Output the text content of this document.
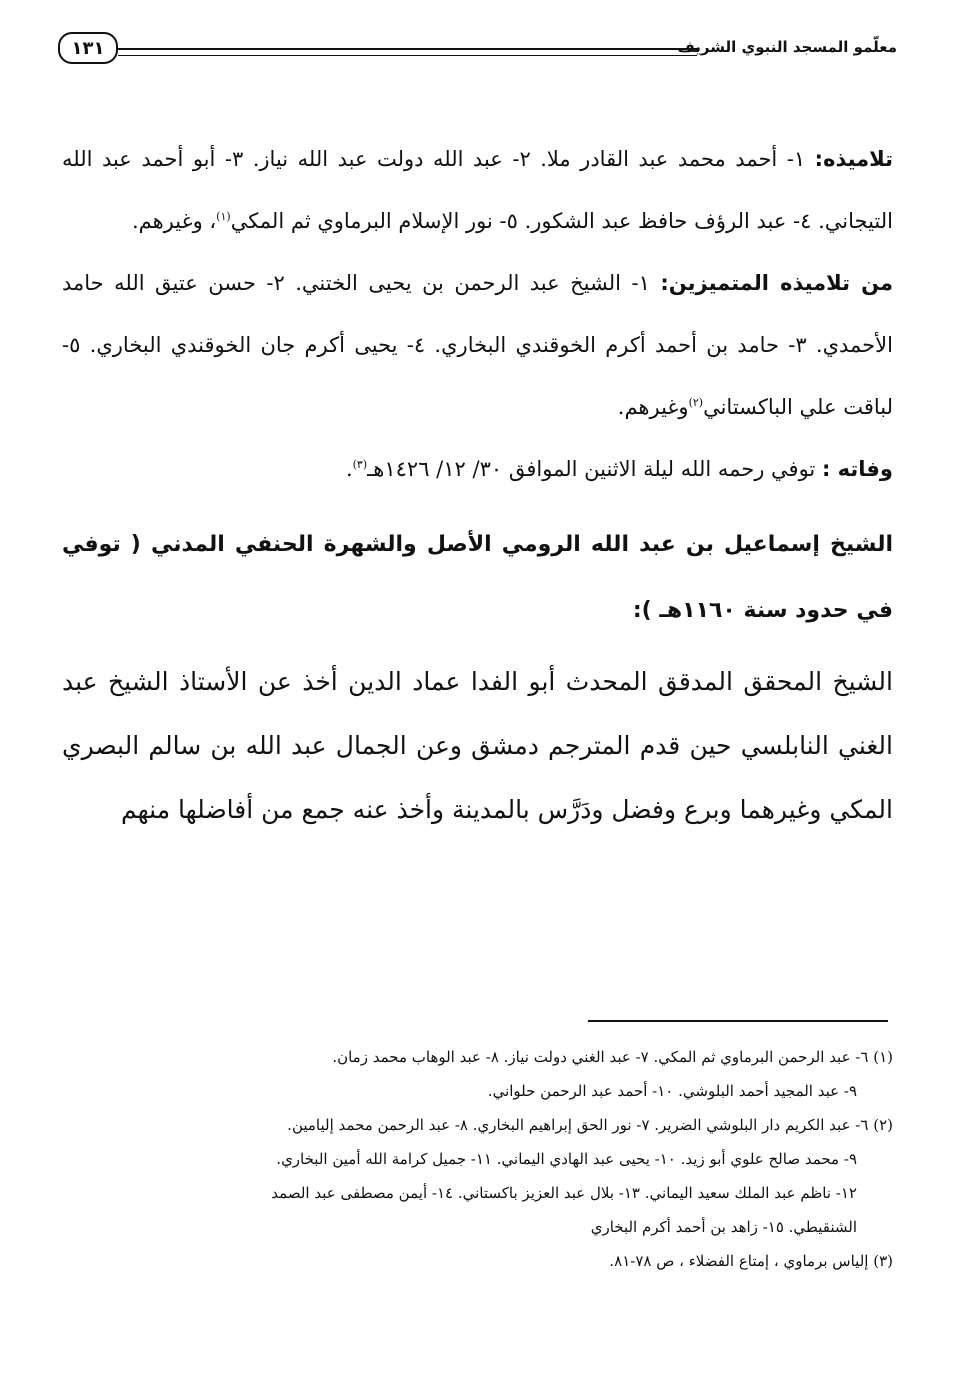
معلّمو المسجد النبوي الشريف
١٣١

تلاميذه: ١- أحمد محمد عبد القادر ملا. ٢- عبد الله دولت عبد الله نياز. ٣- أبو أحمد عبد الله التيجاني. ٤- عبد الرؤف حافظ عبد الشكور. ٥- نور الإسلام البرماوي ثم المكي$^{(١)}$، وغيرهم.

من تلاميذه المتميزين: ١- الشيخ عبد الرحمن بن يحيى الختني. ٢- حسن عتيق الله حامد الأحمدي. ٣- حامد بن أحمد أكرم الخوقندي البخاري. ٤- يحيى أكرم جان الخوقندي البخاري. ٥- لباقت علي الباكستاني$^{(٢)}$وغيرهم.

وفاته : توفي رحمه الله ليلة الاثنين الموافق ٣٠/ ١٢/ ١٤٢٦هـ$^{(٣)}$.

الشيخ إسماعيل بن عبد الله الرومي الأصل والشهرة الحنفي المدني ( توفي في حدود سنة ١١٦٠هـ ):

الشيخ المحقق المدقق المحدث أبو الفدا عماد الدين أخذ عن الأستاذ الشيخ عبد الغني النابلسي حين قدم المترجم دمشق وعن الجمال عبد الله بن سالم البصري المكي وغيرهما وبرع وفضل ودَرَّس بالمدينة وأخذ عنه جمع من أفاضلها منهم

(١) ٦- عبد الرحمن البرماوي ثم المكي. ٧- عبد الغني دولت نياز. ٨- عبد الوهاب محمد زمان.
٩- عبد المجيد أحمد البلوشي. ١٠- أحمد عبد الرحمن حلواني.
(٢) ٦- عبد الكريم دار البلوشي الضرير. ٧- نور الحق إبراهيم البخاري. ٨- عبد الرحمن محمد إليامين.
٩- محمد صالح علوي أبو زيد. ١٠- يحيى عبد الهادي اليماني. ١١- جميل كرامة الله أمين البخاري.
١٢- ناظم عبد الملك سعيد اليماني. ١٣- بلال عبد العزيز باكستاني. ١٤- أيمن مصطفى عبد الصمد
الشنقيطي. ١٥- زاهد بن أحمد أكرم البخاري
(٣) إلياس برماوي ، إمتاع الفضلاء ، ص ٧٨-٨١.
